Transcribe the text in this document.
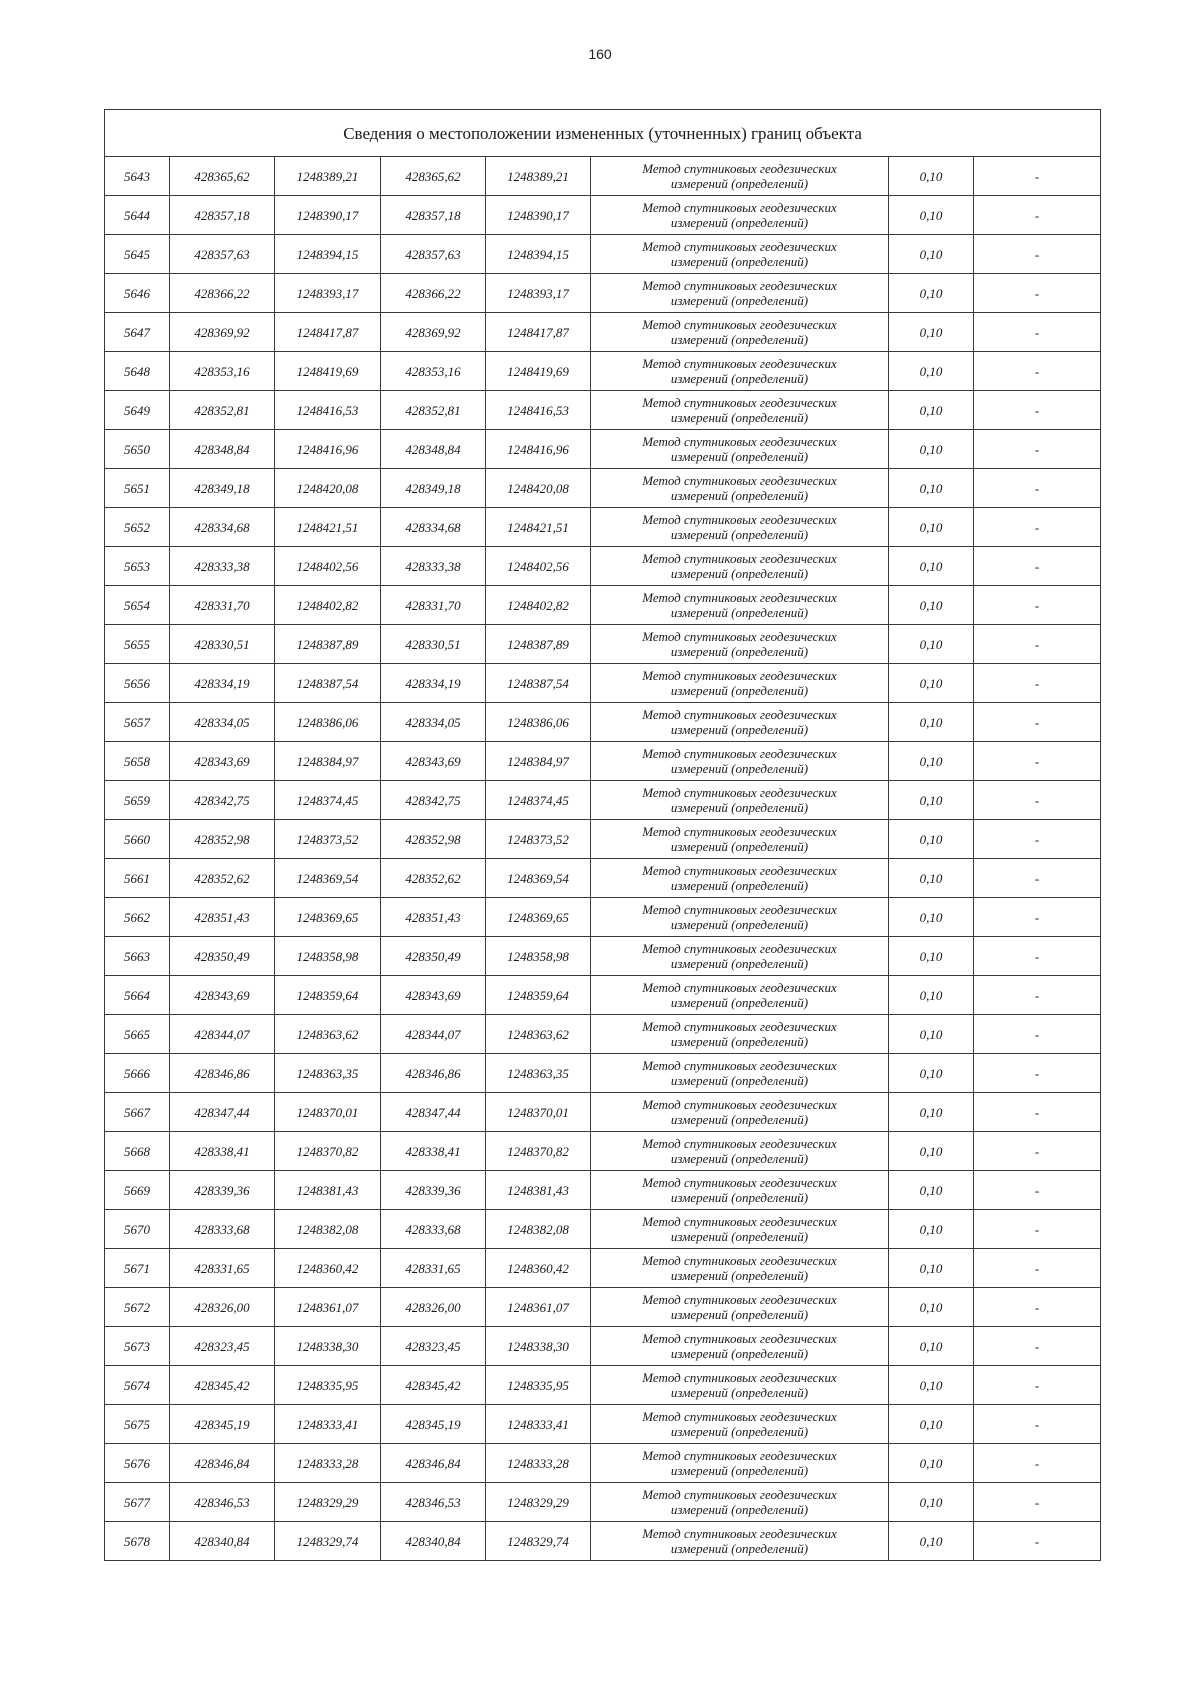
160
Сведения о местоположении измененных (уточненных) границ объекта							
5643	428365,62	1248389,21	428365,62	1248389,21	Метод спутниковых геодезических
измерений (определений)	0,10	-
5644	428357,18	1248390,17	428357,18	1248390,17	Метод спутниковых геодезических
измерений (определений)	0,10	-
5645	428357,63	1248394,15	428357,63	1248394,15	Метод спутниковых геодезических
измерений (определений)	0,10	-
5646	428366,22	1248393,17	428366,22	1248393,17	Метод спутниковых геодезических
измерений (определений)	0,10	-
5647	428369,92	1248417,87	428369,92	1248417,87	Метод спутниковых геодезических
измерений (определений)	0,10	-
5648	428353,16	1248419,69	428353,16	1248419,69	Метод спутниковых геодезических
измерений (определений)	0,10	-
5649	428352,81	1248416,53	428352,81	1248416,53	Метод спутниковых геодезических
измерений (определений)	0,10	-
5650	428348,84	1248416,96	428348,84	1248416,96	Метод спутниковых геодезических
измерений (определений)	0,10	-
5651	428349,18	1248420,08	428349,18	1248420,08	Метод спутниковых геодезических
измерений (определений)	0,10	-
5652	428334,68	1248421,51	428334,68	1248421,51	Метод спутниковых геодезических
измерений (определений)	0,10	-
5653	428333,38	1248402,56	428333,38	1248402,56	Метод спутниковых геодезических
измерений (определений)	0,10	-
5654	428331,70	1248402,82	428331,70	1248402,82	Метод спутниковых геодезических
измерений (определений)	0,10	-
5655	428330,51	1248387,89	428330,51	1248387,89	Метод спутниковых геодезических
измерений (определений)	0,10	-
5656	428334,19	1248387,54	428334,19	1248387,54	Метод спутниковых геодезических
измерений (определений)	0,10	-
5657	428334,05	1248386,06	428334,05	1248386,06	Метод спутниковых геодезических
измерений (определений)	0,10	-
5658	428343,69	1248384,97	428343,69	1248384,97	Метод спутниковых геодезических
измерений (определений)	0,10	-
5659	428342,75	1248374,45	428342,75	1248374,45	Метод спутниковых геодезических
измерений (определений)	0,10	-
5660	428352,98	1248373,52	428352,98	1248373,52	Метод спутниковых геодезических
измерений (определений)	0,10	-
5661	428352,62	1248369,54	428352,62	1248369,54	Метод спутниковых геодезических
измерений (определений)	0,10	-
5662	428351,43	1248369,65	428351,43	1248369,65	Метод спутниковых геодезических
измерений (определений)	0,10	-
5663	428350,49	1248358,98	428350,49	1248358,98	Метод спутниковых геодезических
измерений (определений)	0,10	-
5664	428343,69	1248359,64	428343,69	1248359,64	Метод спутниковых геодезических
измерений (определений)	0,10	-
5665	428344,07	1248363,62	428344,07	1248363,62	Метод спутниковых геодезических
измерений (определений)	0,10	-
5666	428346,86	1248363,35	428346,86	1248363,35	Метод спутниковых геодезических
измерений (определений)	0,10	-
5667	428347,44	1248370,01	428347,44	1248370,01	Метод спутниковых геодезических
измерений (определений)	0,10	-
5668	428338,41	1248370,82	428338,41	1248370,82	Метод спутниковых геодезических
измерений (определений)	0,10	-
5669	428339,36	1248381,43	428339,36	1248381,43	Метод спутниковых геодезических
измерений (определений)	0,10	-
5670	428333,68	1248382,08	428333,68	1248382,08	Метод спутниковых геодезических
измерений (определений)	0,10	-
5671	428331,65	1248360,42	428331,65	1248360,42	Метод спутниковых геодезических
измерений (определений)	0,10	-
5672	428326,00	1248361,07	428326,00	1248361,07	Метод спутниковых геодезических
измерений (определений)	0,10	-
5673	428323,45	1248338,30	428323,45	1248338,30	Метод спутниковых геодезических
измерений (определений)	0,10	-
5674	428345,42	1248335,95	428345,42	1248335,95	Метод спутниковых геодезических
измерений (определений)	0,10	-
5675	428345,19	1248333,41	428345,19	1248333,41	Метод спутниковых геодезических
измерений (определений)	0,10	-
5676	428346,84	1248333,28	428346,84	1248333,28	Метод спутниковых геодезических
измерений (определений)	0,10	-
5677	428346,53	1248329,29	428346,53	1248329,29	Метод спутниковых геодезических
измерений (определений)	0,10	-
5678	428340,84	1248329,74	428340,84	1248329,74	Метод спутниковых геодезических
измерений (определений)	0,10	-
